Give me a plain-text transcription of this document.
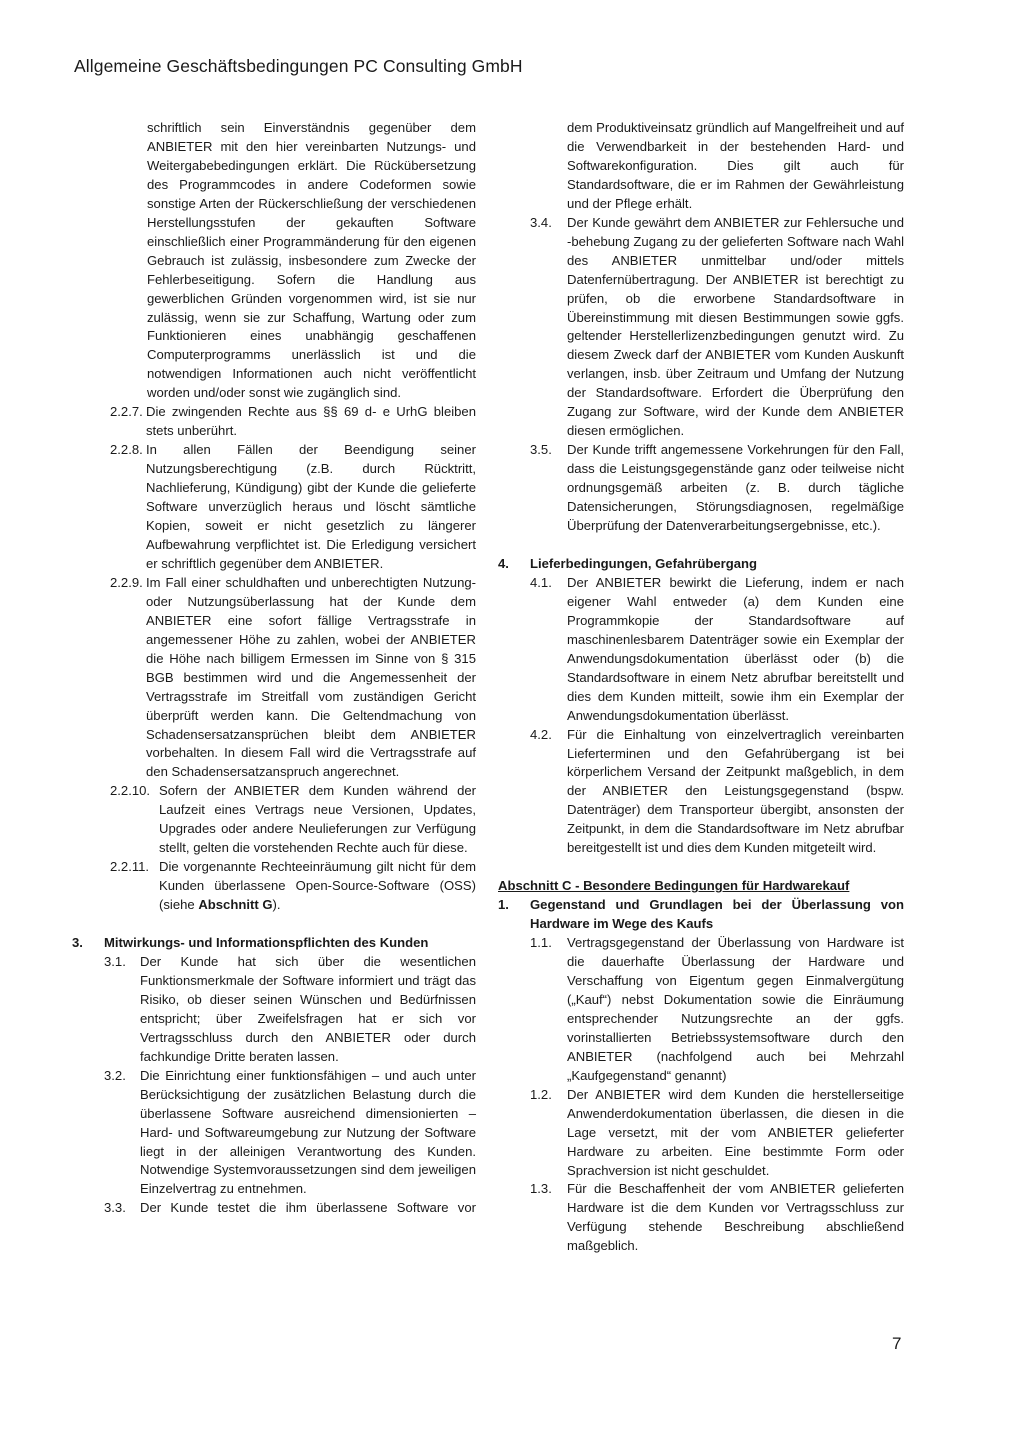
Allgemeine Geschäftsbedingungen PC Consulting GmbH
schriftlich sein Einverständnis gegenüber dem ANBIETER mit den hier vereinbarten Nutzungs- und Weitergabebedingungen erklärt. Die Rückübersetzung des Programmcodes in andere Codeformen sowie sonstige Arten der Rückerschließung der verschiedenen Herstellungsstufen der gekauften Software einschließlich einer Programmänderung für den eigenen Gebrauch ist zulässig, insbesondere zum Zwecke der Fehlerbeseitigung. Sofern die Handlung aus gewerblichen Gründen vorgenommen wird, ist sie nur zulässig, wenn sie zur Schaffung, Wartung oder zum Funktionieren eines unabhängig geschaffenen Computerprogramms unerlässlich ist und die notwendigen Informationen auch nicht veröffentlicht worden und/oder sonst wie zugänglich sind.
2.2.7. Die zwingenden Rechte aus §§ 69 d- e UrhG bleiben stets unberührt.
2.2.8. In allen Fällen der Beendigung seiner Nutzungsberechtigung (z.B. durch Rücktritt, Nachlieferung, Kündigung) gibt der Kunde die gelieferte Software unverzüglich heraus und löscht sämtliche Kopien, soweit er nicht gesetzlich zu längerer Aufbewahrung verpflichtet ist. Die Erledigung versichert er schriftlich gegenüber dem ANBIETER.
2.2.9. Im Fall einer schuldhaften und unberechtigten Nutzung- oder Nutzungsüberlassung hat der Kunde dem ANBIETER eine sofort fällige Vertragsstrafe in angemessener Höhe zu zahlen, wobei der ANBIETER die Höhe nach billigem Ermessen im Sinne von § 315 BGB bestimmen wird und die Angemessenheit der Vertragsstrafe im Streitfall vom zuständigen Gericht überprüft werden kann. Die Geltendmachung von Schadensersatzansprüchen bleibt dem ANBIETER vorbehalten. In diesem Fall wird die Vertragsstrafe auf den Schadensersatzanspruch angerechnet.
2.2.10. Sofern der ANBIETER dem Kunden während der Laufzeit eines Vertrags neue Versionen, Updates, Upgrades oder andere Neulieferungen zur Verfügung stellt, gelten die vorstehenden Rechte auch für diese.
2.2.11. Die vorgenannte Rechteeinräumung gilt nicht für dem Kunden überlassene Open-Source-Software (OSS) (siehe Abschnitt G).
3.	Mitwirkungs- und Informationspflichten des Kunden
3.1.	Der Kunde hat sich über die wesentlichen Funktionsmerkmale der Software informiert und trägt das Risiko, ob dieser seinen Wünschen und Bedürfnissen entspricht; über Zweifelsfragen hat er sich vor Vertragsschluss durch den ANBIETER oder durch fachkundige Dritte beraten lassen.
3.2.	Die Einrichtung einer funktionsfähigen – und auch unter Berücksichtigung der zusätzlichen Belastung durch die überlassene Software ausreichend dimensionierten – Hard- und Softwareumgebung zur Nutzung der Software liegt in der alleinigen Verantwortung des Kunden. Notwendige Systemvoraussetzungen sind dem jeweiligen Einzelvertrag zu entnehmen.
3.3.	Der Kunde testet die ihm überlassene Software vor
dem Produktiveinsatz gründlich auf Mangelfreiheit und auf die Verwendbarkeit in der bestehenden Hard- und Softwarekonfiguration. Dies gilt auch für Standardsoftware, die er im Rahmen der Gewährleistung und der Pflege erhält.
3.4.	Der Kunde gewährt dem ANBIETER zur Fehlersuche und -behebung Zugang zu der gelieferten Software nach Wahl des ANBIETER unmittelbar und/oder mittels Datenfernübertragung. Der ANBIETER ist berechtigt zu prüfen, ob die erworbene Standardsoftware in Übereinstimmung mit diesen Bestimmungen sowie ggfs. geltender Herstellerlizenzbedingungen genutzt wird. Zu diesem Zweck darf der ANBIETER vom Kunden Auskunft verlangen, insb. über Zeitraum und Umfang der Nutzung der Standardsoftware. Erfordert die Überprüfung den Zugang zur Software, wird der Kunde dem ANBIETER diesen ermöglichen.
3.5.	Der Kunde trifft angemessene Vorkehrungen für den Fall, dass die Leistungsgegenstände ganz oder teilweise nicht ordnungsgemäß arbeiten (z. B. durch tägliche Datensicherungen, Störungsdiagnosen, regelmäßige Überprüfung der Datenverarbeitungsergebnisse, etc.).
4.	Lieferbedingungen, Gefahrübergang
4.1.	Der ANBIETER bewirkt die Lieferung, indem er nach eigener Wahl entweder (a) dem Kunden eine Programmkopie der Standardsoftware auf maschinenlesbarem Datenträger sowie ein Exemplar der Anwendungsdokumentation überlässt oder (b) die Standardsoftware in einem Netz abrufbar bereitstellt und dies dem Kunden mitteilt, sowie ihm ein Exemplar der Anwendungsdokumentation überlässt.
4.2.	Für die Einhaltung von einzelvertraglich vereinbarten Lieferterminen und den Gefahrübergang ist bei körperlichem Versand der Zeitpunkt maßgeblich, in dem der ANBIETER den Leistungsgegenstand (bspw. Datenträger) dem Transporteur übergibt, ansonsten der Zeitpunkt, in dem die Standardsoftware im Netz abrufbar bereitgestellt ist und dies dem Kunden mitgeteilt wird.
Abschnitt C - Besondere Bedingungen für Hardwarekauf
1.	Gegenstand und Grundlagen bei der Überlassung von Hardware im Wege des Kaufs
1.1.	Vertragsgegenstand der Überlassung von Hardware ist die dauerhafte Überlassung der Hardware und Verschaffung von Eigentum gegen Einmalvergütung („Kauf“) nebst Dokumentation sowie die Einräumung entsprechender Nutzungsrechte an der ggfs. vorinstallierten Betriebssystemsoftware durch den ANBIETER (nachfolgend auch bei Mehrzahl „Kaufgegenstand“ genannt)
1.2.	Der ANBIETER wird dem Kunden die herstellerseitige Anwenderdokumentation überlassen, die diesen in die Lage versetzt, mit der vom ANBIETER gelieferter Hardware zu arbeiten. Eine bestimmte Form oder Sprachversion ist nicht geschuldet.
1.3.	Für die Beschaffenheit der vom ANBIETER gelieferten Hardware ist die dem Kunden vor Vertragsschluss zur Verfügung stehende Beschreibung abschließend maßgeblich.
7
